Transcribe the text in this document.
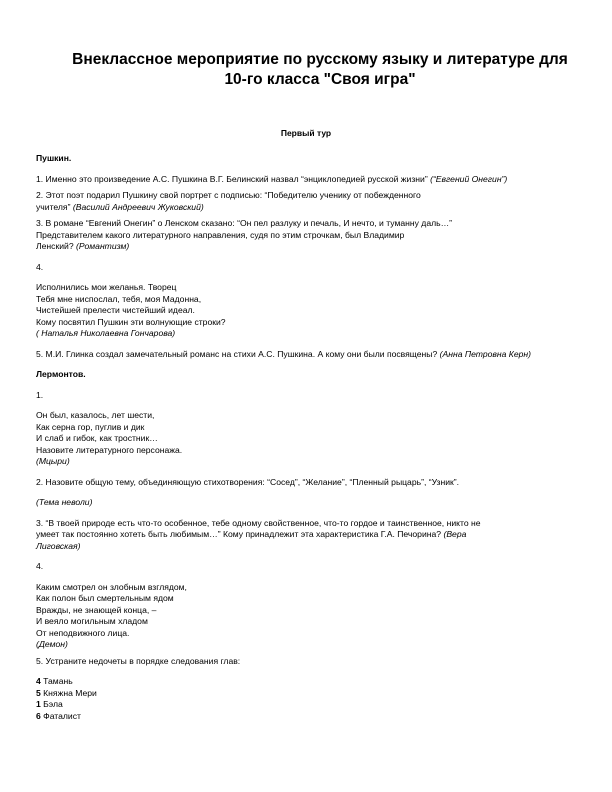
Внеклассное мероприятие по русскому языку и литературе для 10-го класса "Своя игра"
Первый тур
Пушкин.
1. Именно это произведение А.С. Пушкина В.Г. Белинский назвал “энциклопедией русской жизни” (“Евгений Онегин”)
2. Этот поэт подарил Пушкину свой портрет с подписью: “Победителю ученику от побежденного
учителя” (Василий Андреевич Жуковский)
3. В романе “Евгений Онегин” о Ленском сказано: “Он пел разлуку и печаль, И нечто, и туманну даль…”
Представителем какого литературного направления, судя по этим строчкам, был Владимир
Ленский? (Романтизм)
4.
Исполнились мои желанья. Творец
Тебя мне ниспослал, тебя, моя Мадонна,
Чистейшей прелести чистейший идеал.
Кому посвятил Пушкин эти волнующие строки?
( Наталья Николаевна Гончарова)
5. М.И. Глинка создал замечательный романс на стихи А.С. Пушкина. А кому они были посвящены? (Анна Петровна Керн)
Лермонтов.
1.
Он был, казалось, лет шести,
Как серна гор, пуглив и дик
И слаб и гибок, как тростник…
Назовите литературного персонажа.
(Мцыри)
2. Назовите общую тему, объединяющую стихотворения: “Сосед”, “Желание”, “Пленный рыцарь”, “Узник”.
(Тема неволи)
3. “В твоей природе есть что-то особенное, тебе одному свойственное, что-то гордое и таинственное, никто не
умеет так постоянно хотеть быть любимым…” Кому принадлежит эта характеристика Г.А. Печорина? (Вера
Лиговская)
4.
Каким смотрел он злобным взглядом,
Как полон был смертельным ядом
Вражды, не знающей конца, –
И веяло могильным хладом
От неподвижного лица.
(Демон)
5. Устраните недочеты в порядке следования глав:
4 Тамань
5 Княжна Мери
1 Бэла
6 Фаталист
